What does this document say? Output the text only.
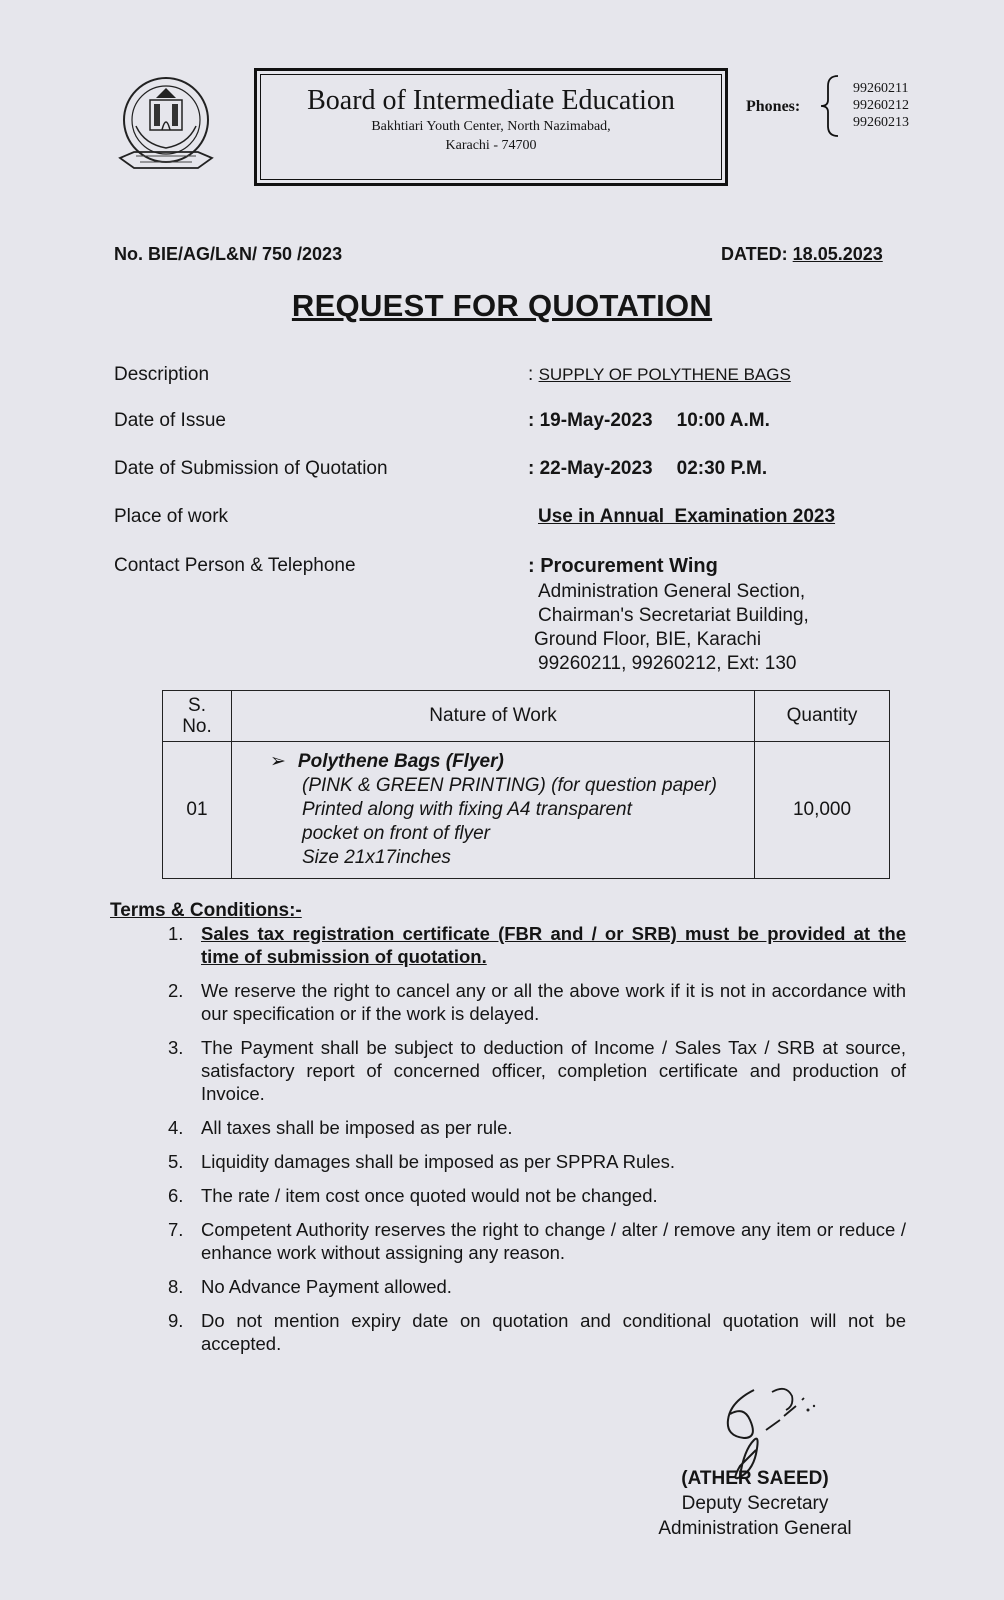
Board of Intermediate Education
Bakhtiari Youth Center, North Nazimabad,
Karachi - 74700
Phones:
99260211
99260212
99260213
No. BIE/AG/L&N/ 750 /2023	DATED: 18.05.2023
REQUEST FOR QUOTATION
Description	: SUPPLY OF POLYTHENE BAGS
Date of Issue	: 19-May-2023 10:00 A.M.
Date of Submission of Quotation	: 22-May-2023 02:30 P.M.
Place of work	Use in Annual  Examination 2023
Contact Person & Telephone	: Procurement Wing
Administration General Section,
Chairman's Secretariat Building,
Ground Floor, BIE, Karachi
99260211, 99260212, Ext: 130
S.
No.	Nature of Work	Quantity
01	➢ Polythene Bags (Flyer)
(PINK & GREEN PRINTING) (for question paper)
Printed along with fixing A4 transparent
pocket on front of flyer
Size 21x17inches	10,000
Terms & Conditions:-
1. Sales tax registration certificate (FBR and / or SRB) must be provided at the time of submission of quotation.
2. We reserve the right to cancel any or all the above work if it is not in accordance with our specification or if the work is delayed.
3. The Payment shall be subject to deduction of Income / Sales Tax / SRB at source, satisfactory report of concerned officer, completion certificate and production of Invoice.
4. All taxes shall be imposed as per rule.
5. Liquidity damages shall be imposed as per SPPRA Rules.
6. The rate / item cost once quoted would not be changed.
7. Competent Authority reserves the right to change / alter / remove any item or reduce / enhance work without assigning any reason.
8. No Advance Payment allowed.
9. Do not mention expiry date on quotation and conditional quotation will not be accepted.
(ATHER SAEED)
Deputy Secretary
Administration General
